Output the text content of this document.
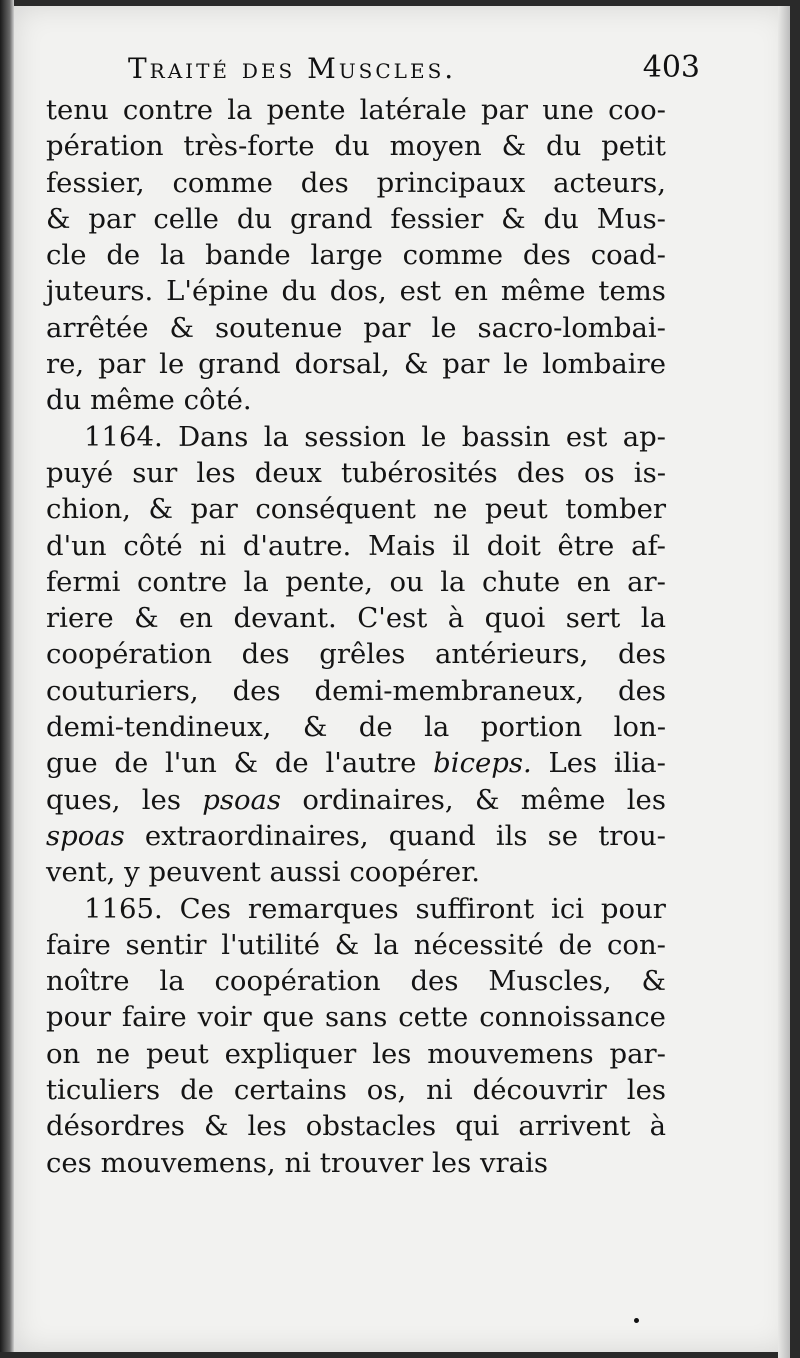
Traité des Muscles.	403
tenu contre la pente latérale par une coo-
pération très-forte du moyen & du petit
fessier, comme des principaux acteurs,
& par celle du grand fessier & du Mus-
cle de la bande large comme des coad-
juteurs. L'épine du dos, est en même tems
arrêtée & soutenue par le sacro-lombai-
re, par le grand dorsal, & par le lombaire
du même côté.
1164. Dans la session le bassin est ap-
puyé sur les deux tubérosités des os is-
chion, & par conséquent ne peut tomber
d'un côté ni d'autre. Mais il doit être af-
fermi contre la pente, ou la chute en ar-
riere & en devant. C'est à quoi sert la
coopération des grêles antérieurs, des
couturiers, des demi-membraneux, des
demi-tendineux, & de la portion lon-
gue de l'un & de l'autre biceps. Les ilia-
ques, les psoas ordinaires, & même les
spoas extraordinaires, quand ils se trou-
vent, y peuvent aussi coopérer.
1165. Ces remarques suffiront ici pour
faire sentir l'utilité & la nécessité de con-
noître la coopération des Muscles, &
pour faire voir que sans cette connoissance
on ne peut expliquer les mouvemens par-
ticuliers de certains os, ni découvrir les
désordres & les obstacles qui arrivent à
ces mouvemens, ni trouver les vrais
